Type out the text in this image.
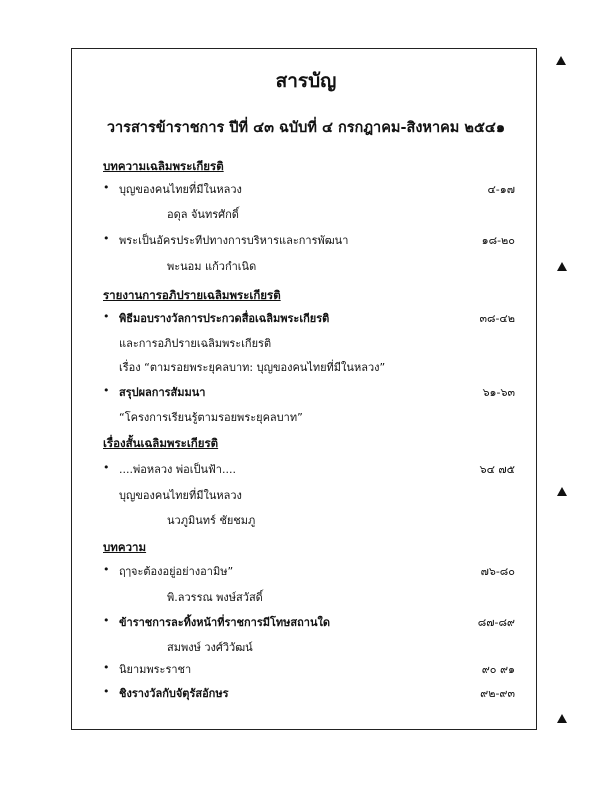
สารบัญ
วารสารข้าราชการ ปีที่ ๔๓ ฉบับที่ ๔ กรกฎาคม-สิงหาคม ๒๕๔๑
บทความเฉลิมพระเกียรติ
• บุญของคนไทยที่มีในหลวง	๔-๑๗
อดุล จันทรศักดิ์
• พระเป็นอัครประทีปทางการบริหารและการพัฒนา	๑๘-๒๐
พะนอม แก้วกำเนิด
รายงานการอภิปรายเฉลิมพระเกียรติ
• พิธีมอบรางวัลการประกวดสื่อเฉลิมพระเกียรติ	๓๘-๔๒
และการอภิปรายเฉลิมพระเกียรติ
เรื่อง “ตามรอยพระยุคลบาท: บุญของคนไทยที่มีในหลวง”
• สรุปผลการสัมมนา	๖๑-๖๓
“โครงการเรียนรู้ตามรอยพระยุคลบาท”
เรื่องสั้นเฉลิมพระเกียรติ
• ....พ่อหลวง พ่อเป็นฟ้า....	๖๔ ๗๕
บุญของคนไทยที่มีในหลวง
นวภูมินทร์ ชัยชมภู
บทความ
• ฤๅจะต้องอยู่อย่างอามิษ”	๗๖-๘๐
พิ.ลวรรณ พงษ์สวัสดิ์
• ข้าราชการละทิ้งหน้าที่ราชการมีโทษสถานใด	๘๗-๘๙
สมพงษ์ วงศ์วิวัฒน์
• นิยามพระราชา	๙๐ ๙๑
• ชิงรางวัลกับจัตุรัสอักษร	๙๒-๙๓
